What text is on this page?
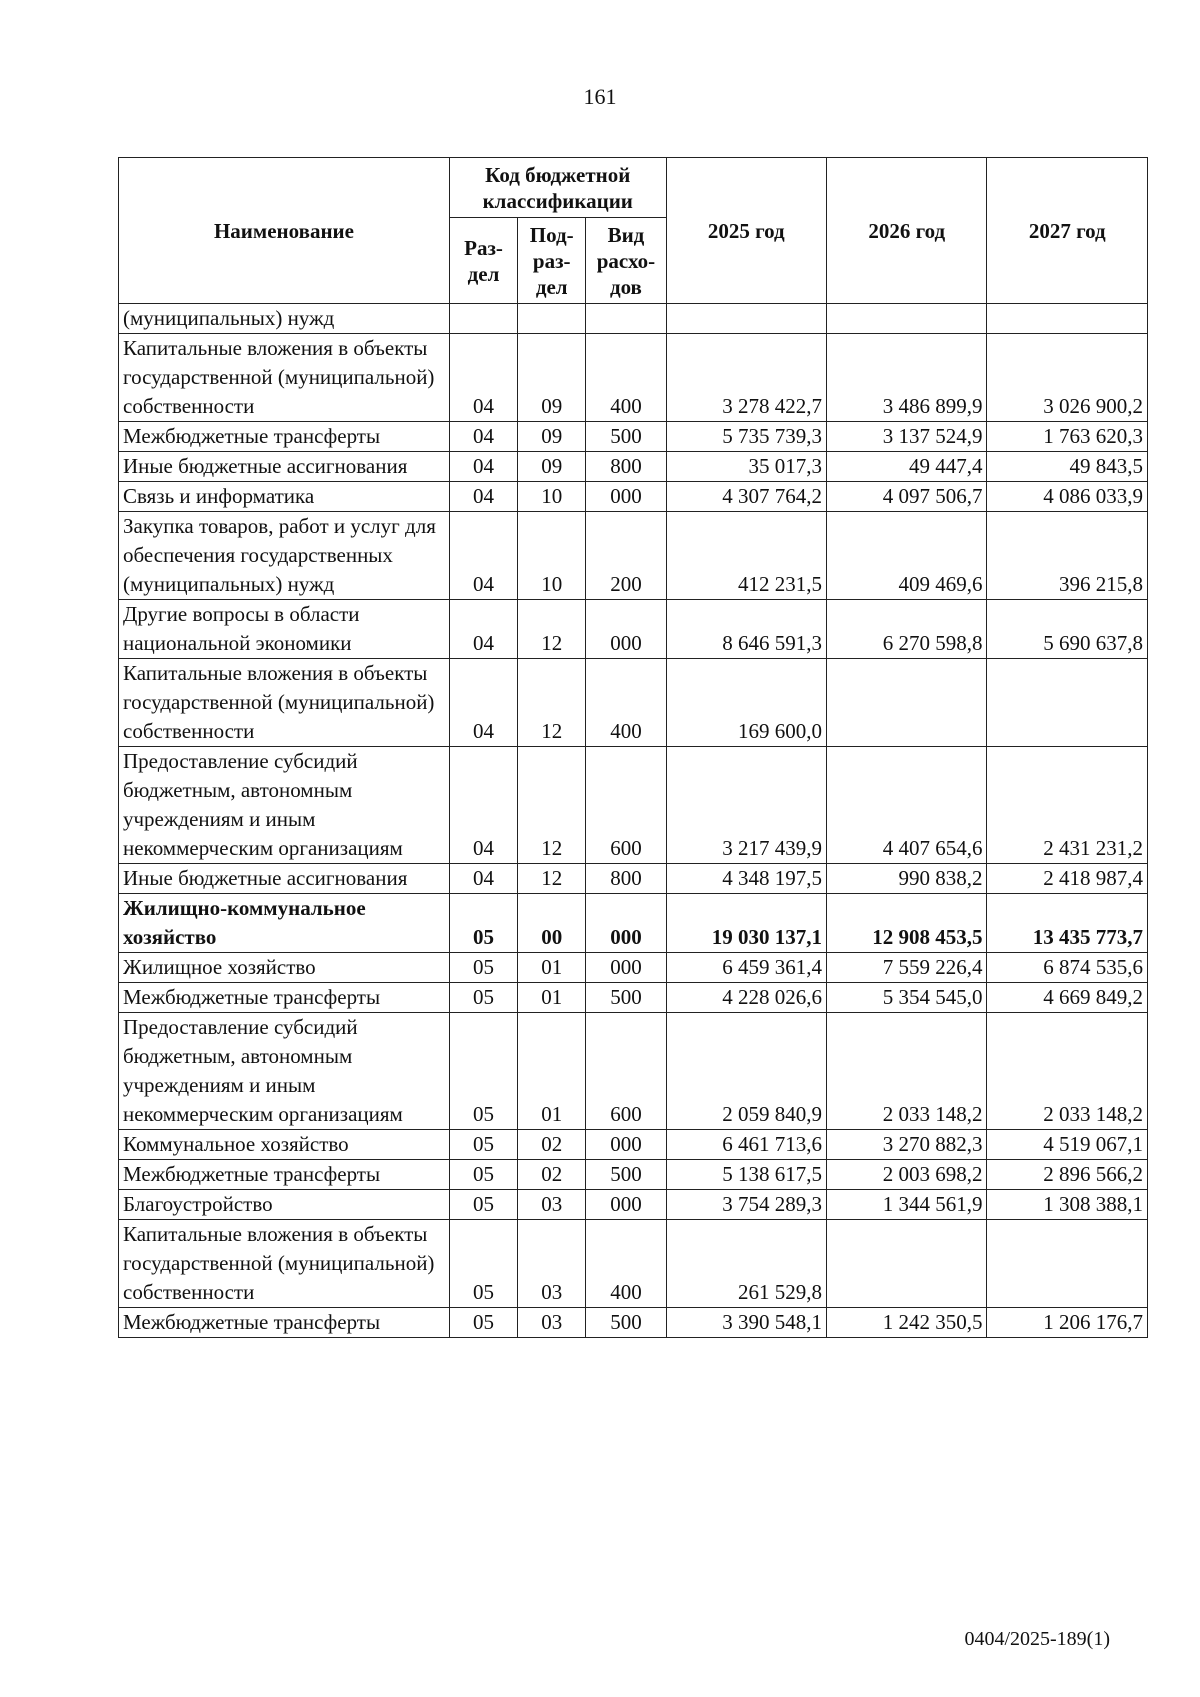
161
Наименование	Код бюджетной классификации			2025 год	2026 год	2027 год
	Раз-дел	Под-раз-дел	Вид расхо-дов			
(муниципальных) нужд						
Капитальные вложения в объекты государственной (муниципальной) собственности	04	09	400	3 278 422,7	3 486 899,9	3 026 900,2
Межбюджетные трансферты	04	09	500	5 735 739,3	3 137 524,9	1 763 620,3
Иные бюджетные ассигнования	04	09	800	35 017,3	49 447,4	49 843,5
Связь и информатика	04	10	000	4 307 764,2	4 097 506,7	4 086 033,9
Закупка товаров, работ и услуг для обеспечения государственных (муниципальных) нужд	04	10	200	412 231,5	409 469,6	396 215,8
Другие вопросы в области национальной экономики	04	12	000	8 646 591,3	6 270 598,8	5 690 637,8
Капитальные вложения в объекты государственной (муниципальной) собственности	04	12	400	169 600,0		
Предоставление субсидий бюджетным, автономным учреждениям и иным некоммерческим организациям	04	12	600	3 217 439,9	4 407 654,6	2 431 231,2
Иные бюджетные ассигнования	04	12	800	4 348 197,5	990 838,2	2 418 987,4
Жилищно-коммунальное хозяйство	05	00	000	19 030 137,1	12 908 453,5	13 435 773,7
Жилищное хозяйство	05	01	000	6 459 361,4	7 559 226,4	6 874 535,6
Межбюджетные трансферты	05	01	500	4 228 026,6	5 354 545,0	4 669 849,2
Предоставление субсидий бюджетным, автономным учреждениям и иным некоммерческим организациям	05	01	600	2 059 840,9	2 033 148,2	2 033 148,2
Коммунальное хозяйство	05	02	000	6 461 713,6	3 270 882,3	4 519 067,1
Межбюджетные трансферты	05	02	500	5 138 617,5	2 003 698,2	2 896 566,2
Благоустройство	05	03	000	3 754 289,3	1 344 561,9	1 308 388,1
Капитальные вложения в объекты государственной (муниципальной) собственности	05	03	400	261 529,8		
Межбюджетные трансферты	05	03	500	3 390 548,1	1 242 350,5	1 206 176,7
0404/2025-189(1)
